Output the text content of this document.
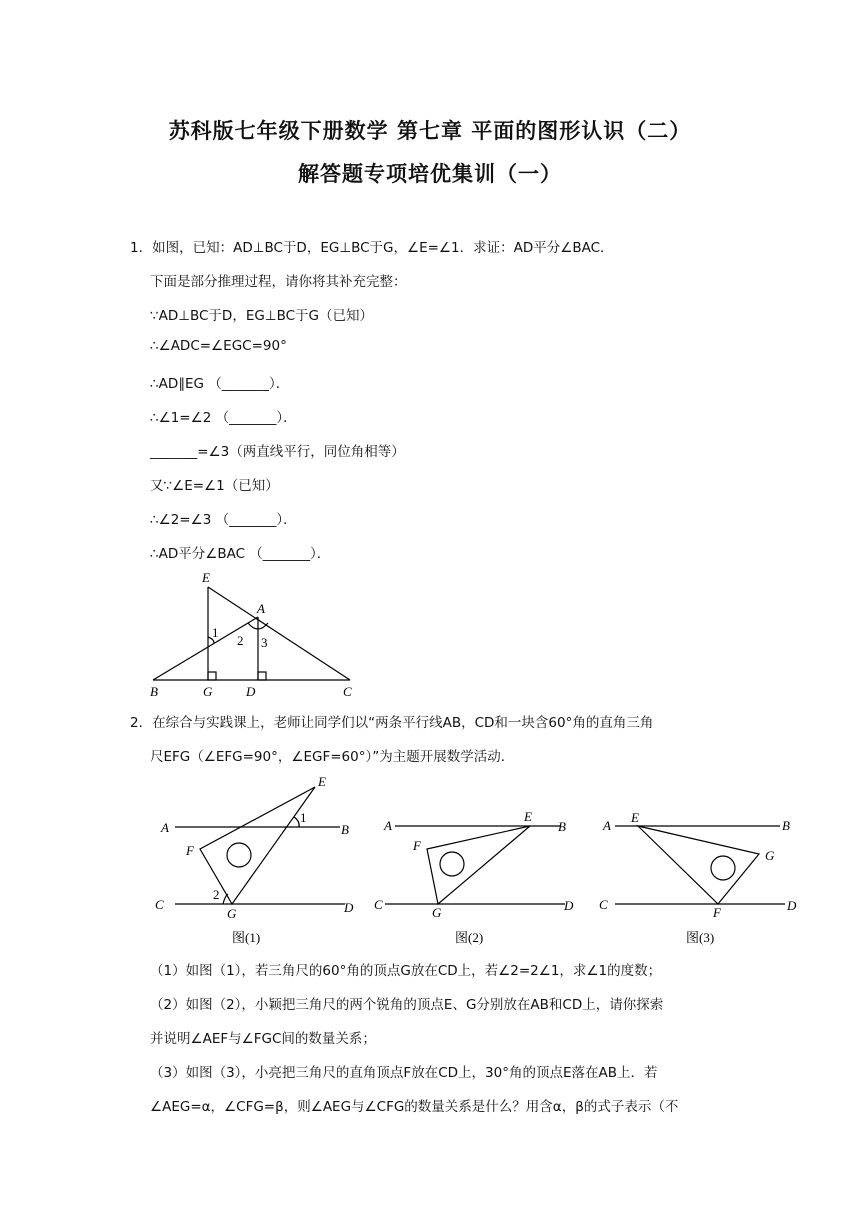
苏科版七年级下册数学 第七章 平面的图形认识（二）
解答题专项培优集训（一）
1．如图，已知：AD⊥BC于D，EG⊥BC于G，∠E=∠1．求证：AD平分∠BAC．
下面是部分推理过程，请你将其补充完整：
∵AD⊥BC于D，EG⊥BC于G（已知）
∴∠ADC=∠EGC=90°
∴AD∥EG （_______）．
∴∠1=∠2 （_______）．
_______=∠3（两直线平行，同位角相等）
又∵∠E=∠1（已知）
∴∠2=∠3 （_______）．
∴AD平分∠BAC （_______）．
E
A
1
2 3
B	G	D	C
2．在综合与实践课上，老师让同学们以“两条平行线AB，CD和一块含60°角的直角三角
尺EFG（∠EFG=90°，∠EGF=60°）”为主题开展数学活动．
A	B
C	D
E
F
G
1
2
图(1)
A	B
C	D
E
F
G
图(2)
A	B
C	D
E
F
G
图(3)
（1）如图（1），若三角尺的60°角的顶点G放在CD上，若∠2=2∠1，求∠1的度数；
（2）如图（2），小颖把三角尺的两个锐角的顶点E、G分别放在AB和CD上，请你探索
并说明∠AEF与∠FGC间的数量关系；
（3）如图（3），小亮把三角尺的直角顶点F放在CD上，30°角的顶点E落在AB上．若
∠AEG=α，∠CFG=β，则∠AEG与∠CFG的数量关系是什么？用含α，β的式子表示（不
